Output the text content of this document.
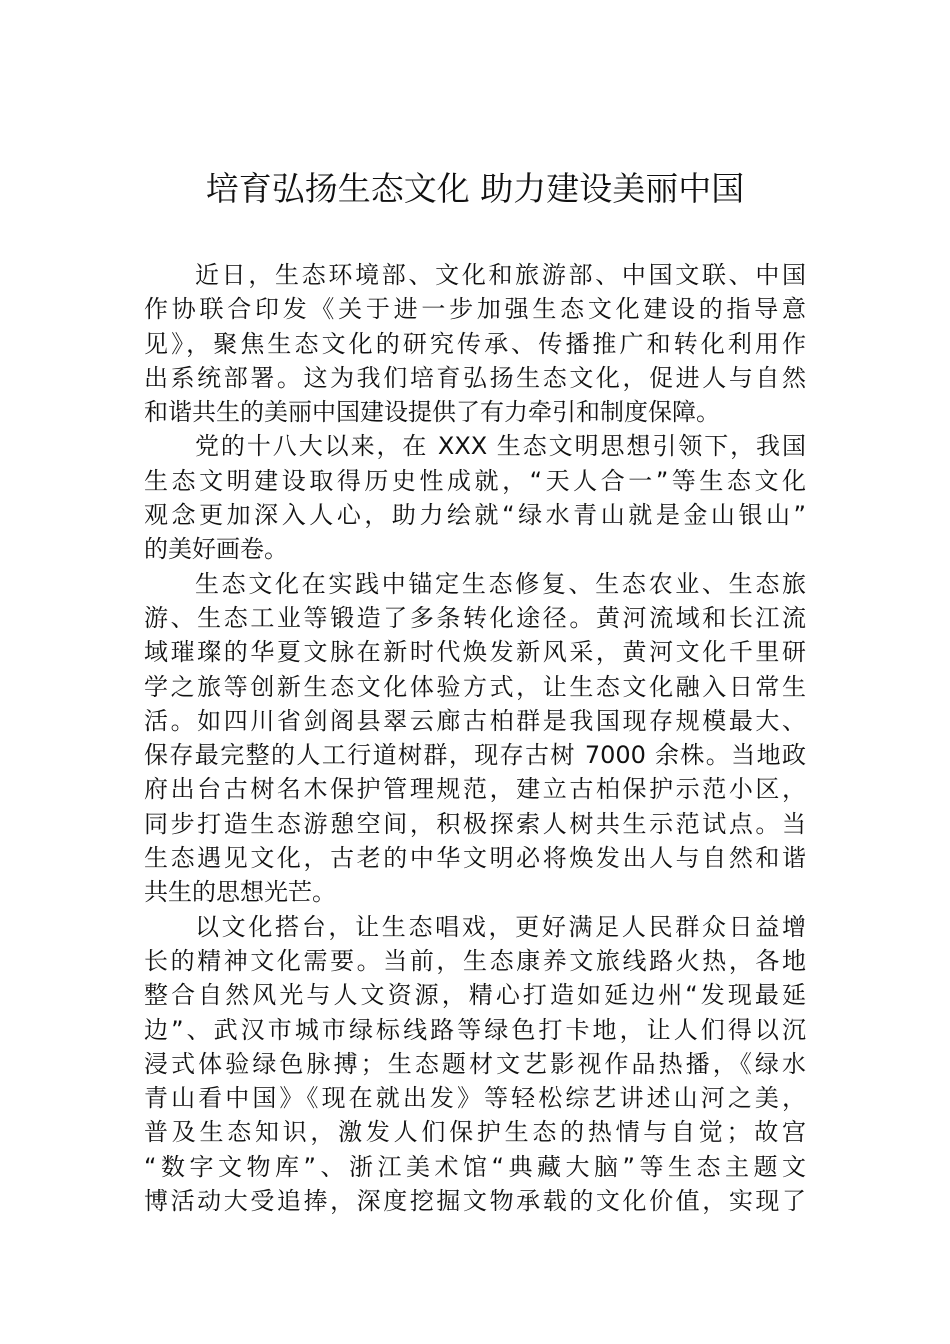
培育弘扬生态文化 助力建设美丽中国
近日，生态环境部、文化和旅游部、中国文联、中国
作协联合印发《关于进一步加强生态文化建设的指导意
见》，聚焦生态文化的研究传承、传播推广和转化利用作
出系统部署。这为我们培育弘扬生态文化，促进人与自然
和谐共生的美丽中国建设提供了有力牵引和制度保障。
党的十八大以来，在 XXX 生态文明思想引领下，我国
生态文明建设取得历史性成就，“天人合一”等生态文化
观念更加深入人心，助力绘就“绿水青山就是金山银山”
的美好画卷。
生态文化在实践中锚定生态修复、生态农业、生态旅
游、生态工业等锻造了多条转化途径。黄河流域和长江流
域璀璨的华夏文脉在新时代焕发新风采，黄河文化千里研
学之旅等创新生态文化体验方式，让生态文化融入日常生
活。如四川省剑阁县翠云廊古柏群是我国现存规模最大、
保存最完整的人工行道树群，现存古树 7000 余株。当地政
府出台古树名木保护管理规范，建立古柏保护示范小区，
同步打造生态游憩空间，积极探索人树共生示范试点。当
生态遇见文化，古老的中华文明必将焕发出人与自然和谐
共生的思想光芒。
以文化搭台，让生态唱戏，更好满足人民群众日益增
长的精神文化需要。当前，生态康养文旅线路火热，各地
整合自然风光与人文资源，精心打造如延边州“发现最延
边”、武汉市城市绿标线路等绿色打卡地，让人们得以沉
浸式体验绿色脉搏；生态题材文艺影视作品热播，《绿水
青山看中国》《现在就出发》等轻松综艺讲述山河之美，
普及生态知识，激发人们保护生态的热情与自觉；故宫
“数字文物库”、浙江美术馆“典藏大脑”等生态主题文
博活动大受追捧，深度挖掘文物承载的文化价值，实现了
